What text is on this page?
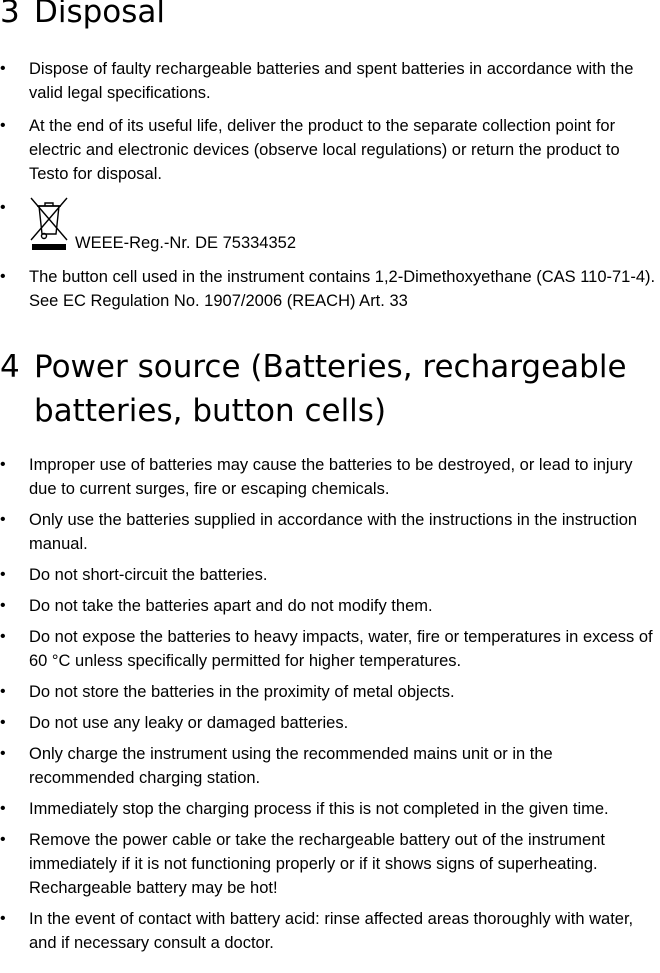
3 Disposal
•	Dispose of faulty rechargeable batteries and spent batteries in accordance with the valid legal specifications.
•	At the end of its useful life, deliver the product to the separate collection point for electric and electronic devices (observe local regulations) or return the product to Testo for disposal.
•
WEEE-Reg.-Nr. DE 75334352
•	The button cell used in the instrument contains 1,2-Dimethoxyethane (CAS 110-71-4). See EC Regulation No. 1907/2006 (REACH) Art. 33
4 Power source (Batteries, rechargeable batteries, button cells)
•	Improper use of batteries may cause the batteries to be destroyed, or lead to injury due to current surges, fire or escaping chemicals.
•	Only use the batteries supplied in accordance with the instructions in the instruction manual.
•	Do not short-circuit the batteries.
•	Do not take the batteries apart and do not modify them.
•	Do not expose the batteries to heavy impacts, water, fire or temperatures in excess of 60 °C unless specifically permitted for higher temperatures.
•	Do not store the batteries in the proximity of metal objects.
•	Do not use any leaky or damaged batteries.
•	Only charge the instrument using the recommended mains unit or in the recommended charging station.
•	Immediately stop the charging process if this is not completed in the given time.
•	Remove the power cable or take the rechargeable battery out of the instrument immediately if it is not functioning properly or if it shows signs of superheating. Rechargeable battery may be hot!
•	In the event of contact with battery acid: rinse affected areas thoroughly with water, and if necessary consult a doctor.
